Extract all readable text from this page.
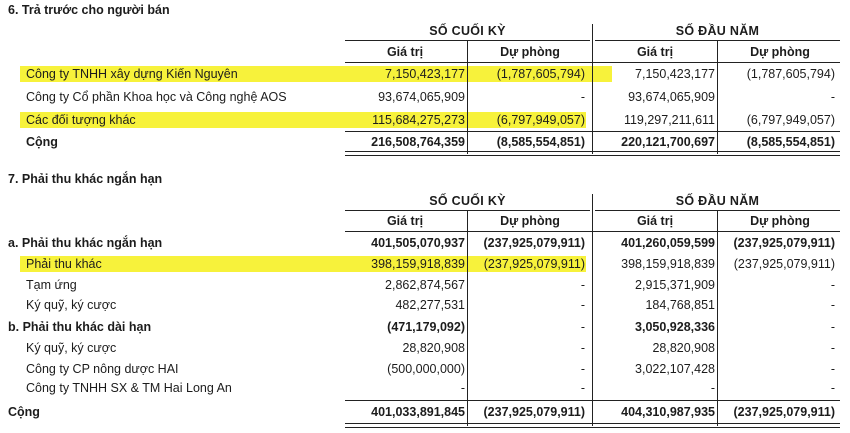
6. Trả trước cho người bán
SỐ CUỐI KỲ	SỐ ĐẦU NĂM
Giá trị	Dự phòng	Giá trị	Dự phòng
Công ty TNHH xây dựng Kiến Nguyên	7,150,423,177	(1,787,605,794)	7,150,423,177	(1,787,605,794)
Công ty Cổ phần Khoa học và Công nghệ AOS	93,674,065,909	-	93,674,065,909	-
Các đối tượng khác	115,684,275,273	(6,797,949,057)	119,297,211,611	(6,797,949,057)
Cộng	216,508,764,359	(8,585,554,851)	220,121,700,697	(8,585,554,851)
7. Phải thu khác ngắn hạn
SỐ CUỐI KỲ	SỐ ĐẦU NĂM
Giá trị	Dự phòng	Giá trị	Dự phòng
a. Phải thu khác ngắn hạn	401,505,070,937	(237,925,079,911)	401,260,059,599	(237,925,079,911)
Phải thu khác	398,159,918,839	(237,925,079,911)	398,159,918,839	(237,925,079,911)
Tạm ứng	2,862,874,567	-	2,915,371,909	-
Ký quỹ, ký cược	482,277,531	-	184,768,851	-
b. Phải thu khác dài hạn	(471,179,092)	-	3,050,928,336	-
Ký quỹ, ký cược	28,820,908	-	28,820,908	-
Công ty CP nông dược HAI	(500,000,000)	-	3,022,107,428	-
Công ty TNHH SX & TM Hai Long An	-	-	-	-
Cộng	401,033,891,845	(237,925,079,911)	404,310,987,935	(237,925,079,911)
